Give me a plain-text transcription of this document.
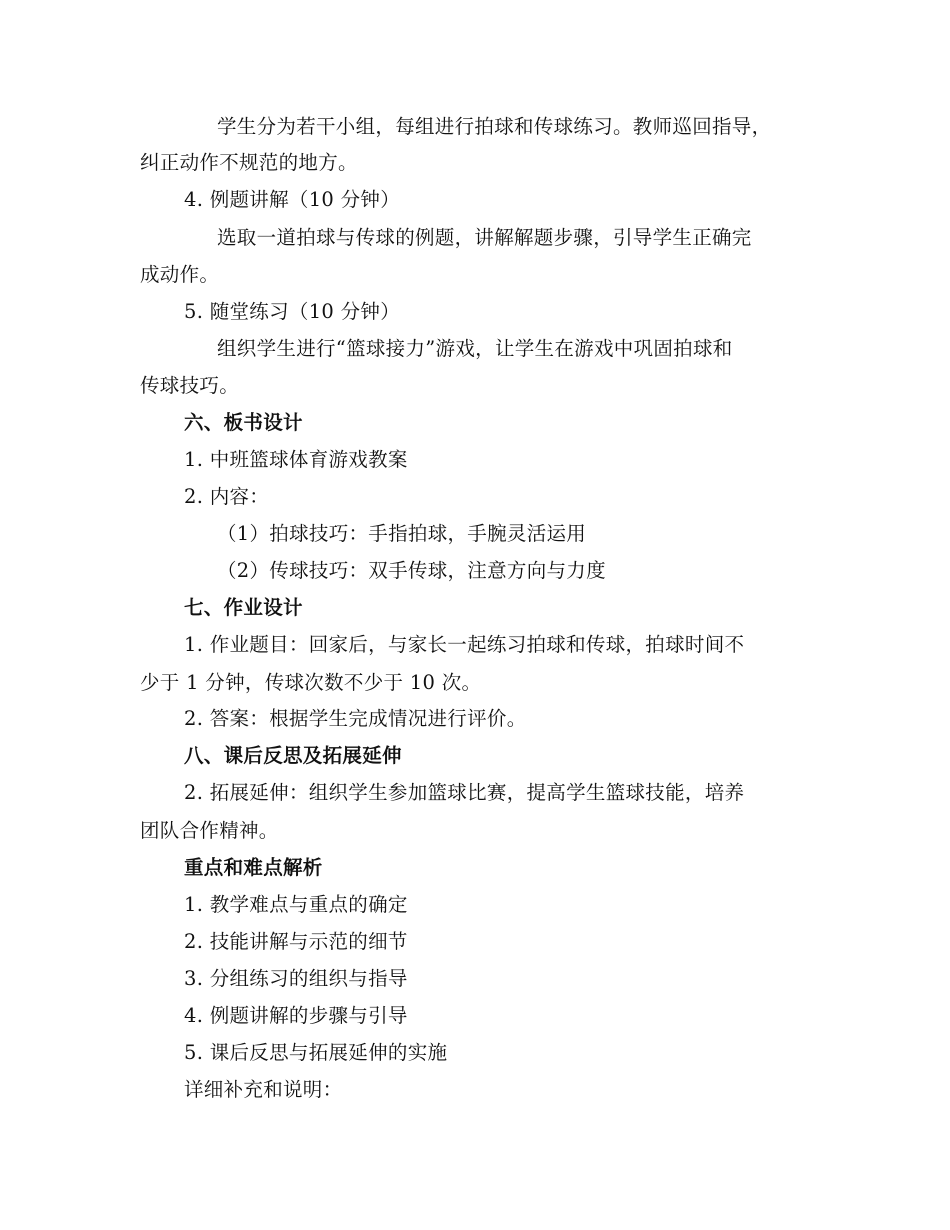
学生分为若干小组，每组进行拍球和传球练习。教师巡回指导，
纠正动作不规范的地方。
4. 例题讲解（10 分钟）
选取一道拍球与传球的例题，讲解解题步骤，引导学生正确完
成动作。
5. 随堂练习（10 分钟）
组织学生进行“篮球接力”游戏，让学生在游戏中巩固拍球和
传球技巧。
六、板书设计
1. 中班篮球体育游戏教案
2. 内容：
（1）拍球技巧：手指拍球，手腕灵活运用
（2）传球技巧：双手传球，注意方向与力度
七、作业设计
1. 作业题目：回家后，与家长一起练习拍球和传球，拍球时间不
少于 1 分钟，传球次数不少于 10 次。
2. 答案：根据学生完成情况进行评价。
八、课后反思及拓展延伸
2. 拓展延伸：组织学生参加篮球比赛，提高学生篮球技能，培养
团队合作精神。
重点和难点解析
1. 教学难点与重点的确定
2. 技能讲解与示范的细节
3. 分组练习的组织与指导
4. 例题讲解的步骤与引导
5. 课后反思与拓展延伸的实施
详细补充和说明：
